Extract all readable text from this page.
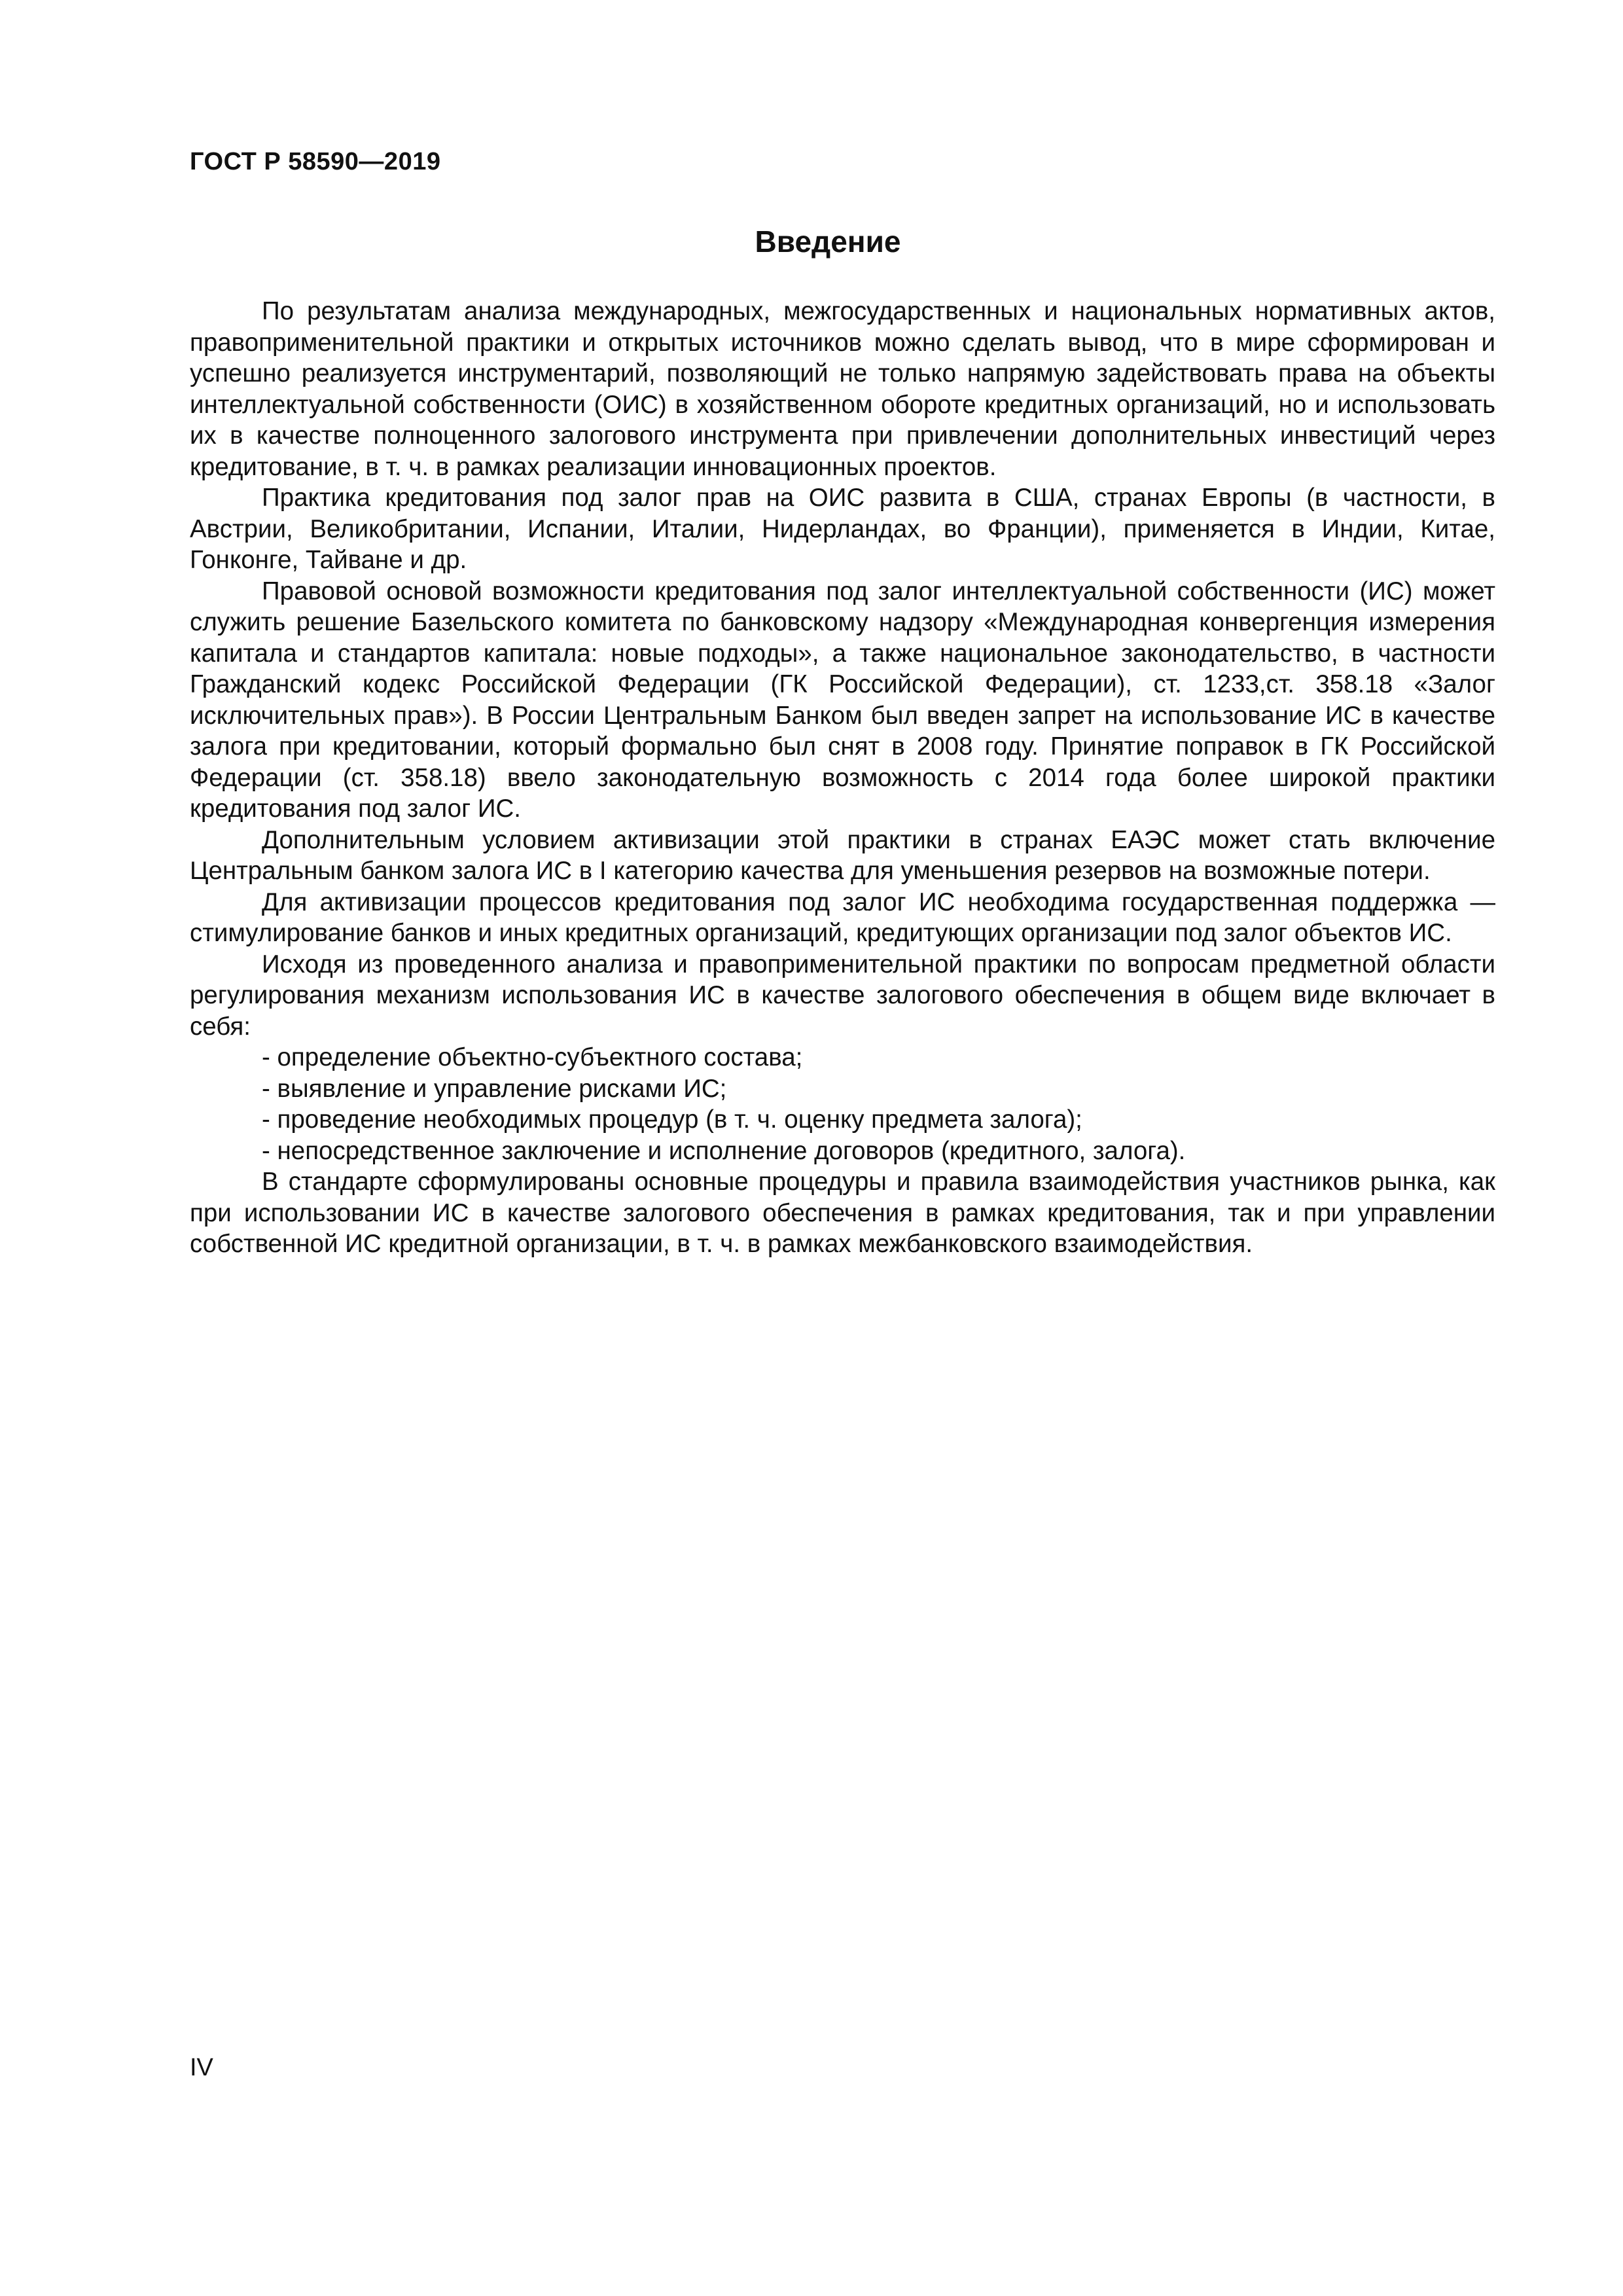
ГОСТ Р 58590—2019
Введение

По результатам анализа международных, межгосударственных и национальных нормативных актов, правоприменительной практики и открытых источников можно сделать вывод, что в мире сформирован и успешно реализуется инструментарий, позволяющий не только напрямую задействовать права на объекты интеллектуальной собственности (ОИС) в хозяйственном обороте кредитных организаций, но и использовать их в качестве полноценного залогового инструмента при привлечении дополнительных инвестиций через кредитование, в т. ч. в рамках реализации инновационных проектов.

Практика кредитования под залог прав на ОИС развита в США, странах Европы (в частности, в Австрии, Великобритании, Испании, Италии, Нидерландах, во Франции), применяется в Индии, Китае, Гонконге, Тайване и др.

Правовой основой возможности кредитования под залог интеллектуальной собственности (ИС) может служить решение Базельского комитета по банковскому надзору «Международная конвергенция измерения капитала и стандартов капитала: новые подходы», а также национальное законодательство, в частности Гражданский кодекс Российской Федерации (ГК Российской Федерации), ст. 1233,ст. 358.18 «Залог исключительных прав»). В России Центральным Банком был введен запрет на использование ИС в качестве залога при кредитовании, который формально был снят в 2008 году. Принятие поправок в ГК Российской Федерации (ст. 358.18) ввело законодательную возможность с 2014 года более широкой практики кредитования под залог ИС.

Дополнительным условием активизации этой практики в странах ЕАЭС может стать включение Центральным банком залога ИС в I категорию качества для уменьшения резервов на возможные потери.

Для активизации процессов кредитования под залог ИС необходима государственная поддержка — стимулирование банков и иных кредитных организаций, кредитующих организации под залог объектов ИС.

Исходя из проведенного анализа и правоприменительной практики по вопросам предметной области регулирования механизм использования ИС в качестве залогового обеспечения в общем виде включает в себя:

- определение объектно-субъектного состава;
- выявление и управление рисками ИС;
- проведение необходимых процедур (в т. ч. оценку предмета залога);
- непосредственное заключение и исполнение договоров (кредитного, залога).

В стандарте сформулированы основные процедуры и правила взаимодействия участников рынка, как при использовании ИС в качестве залогового обеспечения в рамках кредитования, так и при управлении собственной ИС кредитной организации, в т. ч. в рамках межбанковского взаимодействия.

IV
